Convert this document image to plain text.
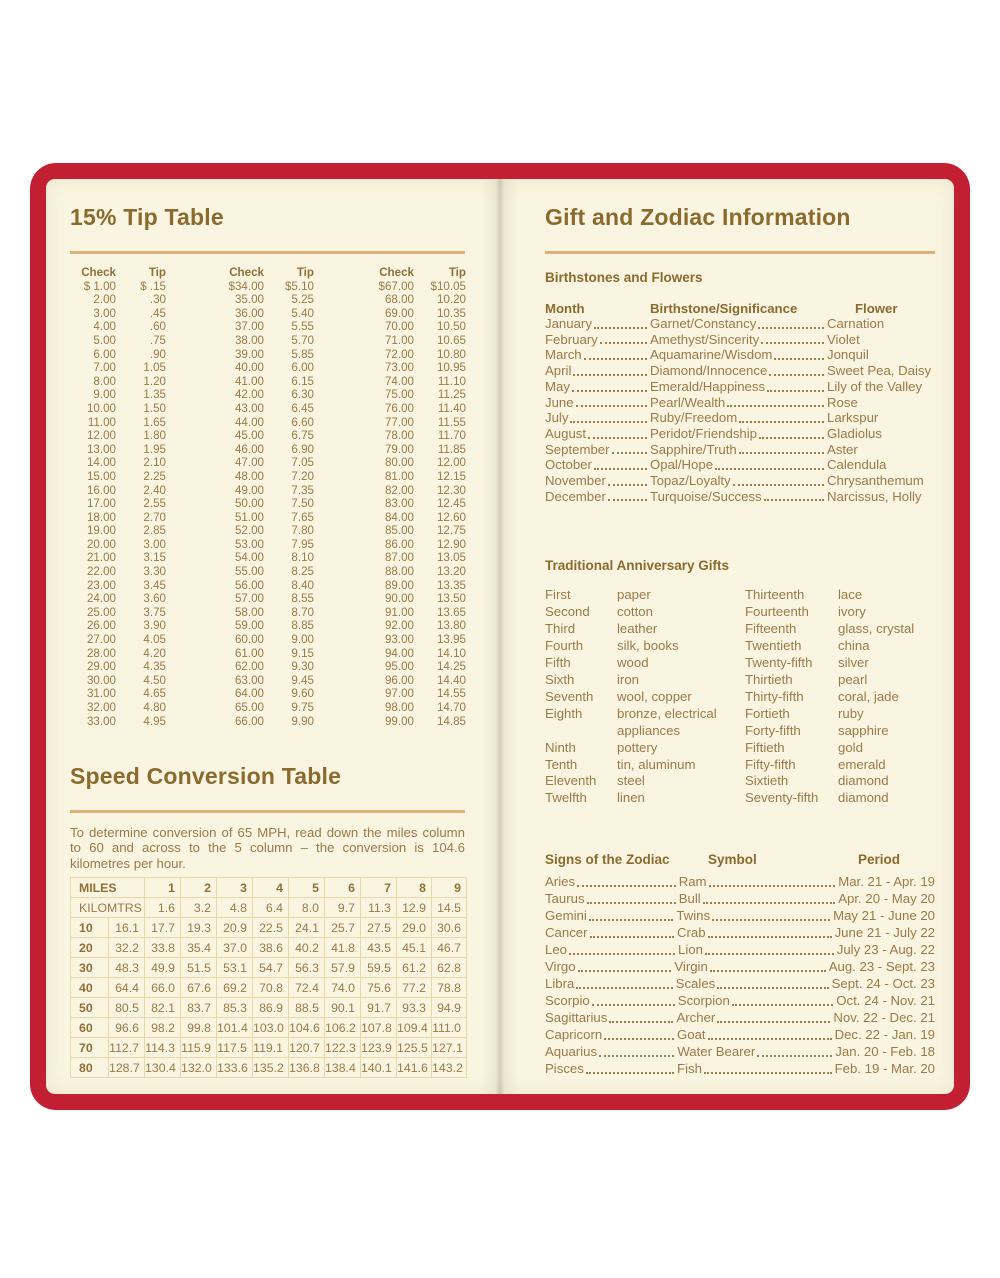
15% Tip Table
Check	Tip	Check	Tip	Check	Tip
$ 1.00	$ .15	$34.00	$5.10	$67.00	$10.05
2.00	.30	35.00	5.25	68.00	10.20
3.00	.45	36.00	5.40	69.00	10.35
4.00	.60	37.00	5.55	70.00	10.50
5.00	.75	38.00	5.70	71.00	10.65
6.00	.90	39.00	5.85	72.00	10.80
7.00	1.05	40.00	6.00	73.00	10.95
8.00	1.20	41.00	6.15	74.00	11.10
9.00	1.35	42.00	6.30	75.00	11.25
10.00	1.50	43.00	6.45	76.00	11.40
11.00	1.65	44.00	6.60	77.00	11.55
12.00	1.80	45.00	6.75	78.00	11.70
13.00	1.95	46.00	6.90	79.00	11.85
14.00	2.10	47.00	7.05	80.00	12.00
15.00	2.25	48.00	7.20	81.00	12.15
16.00	2.40	49.00	7.35	82.00	12.30
17.00	2.55	50.00	7.50	83.00	12.45
18.00	2.70	51.00	7.65	84.00	12.60
19.00	2.85	52.00	7.80	85.00	12.75
20.00	3.00	53.00	7.95	86.00	12.90
21.00	3.15	54.00	8.10	87.00	13.05
22.00	3.30	55.00	8.25	88.00	13.20
23.00	3.45	56.00	8.40	89.00	13.35
24.00	3.60	57.00	8.55	90.00	13.50
25.00	3.75	58.00	8.70	91.00	13.65
26.00	3.90	59.00	8.85	92.00	13.80
27.00	4.05	60.00	9.00	93.00	13.95
28.00	4.20	61.00	9.15	94.00	14.10
29.00	4.35	62.00	9.30	95.00	14.25
30.00	4.50	63.00	9.45	96.00	14.40
31.00	4.65	64.00	9.60	97.00	14.55
32.00	4.80	65.00	9.75	98.00	14.70
33.00	4.95	66.00	9.90	99.00	14.85
Speed Conversion Table

To determine conversion of 65 MPH, read down the miles column to 60 and across to the 5 column – the conversion is 104.6 kilometres per hour.

MILES		1	2	3	4	5	6	7	8	9
KILOMTRS		1.6	3.2	4.8	6.4	8.0	9.7	11.3	12.9	14.5
10	16.1	17.7	19.3	20.9	22.5	24.1	25.7	27.5	29.0	30.6
20	32.2	33.8	35.4	37.0	38.6	40.2	41.8	43.5	45.1	46.7
30	48.3	49.9	51.5	53.1	54.7	56.3	57.9	59.5	61.2	62.8
40	64.4	66.0	67.6	69.2	70.8	72.4	74.0	75.6	77.2	78.8
50	80.5	82.1	83.7	85.3	86.9	88.5	90.1	91.7	93.3	94.9
60	96.6	98.2	99.8	101.4	103.0	104.6	106.2	107.8	109.4	111.0
70	112.7	114.3	115.9	117.5	119.1	120.7	122.3	123.9	125.5	127.1
80	128.7	130.4	132.0	133.6	135.2	136.8	138.4	140.1	141.6	143.2
Gift and Zodiac Information
Birthstones and Flowers
Month	Birthstone/Significance	Flower
January	Garnet/Constancy	Carnation
February	Amethyst/Sincerity	Violet
March	Aquamarine/Wisdom	Jonquil
April	Diamond/Innocence	Sweet Pea, Daisy
May	Emerald/Happiness	Lily of the Valley
June	Pearl/Wealth	Rose
July	Ruby/Freedom	Larkspur
August	Peridot/Friendship	Gladiolus
September	Sapphire/Truth	Aster
October	Opal/Hope	Calendula
November	Topaz/Loyalty	Chrysanthemum
December	Turquoise/Success	Narcissus, Holly
Traditional Anniversary Gifts
First	paper	Thirteenth	lace
Second	cotton	Fourteenth	ivory
Third	leather	Fifteenth	glass, crystal
Fourth	silk, books	Twentieth	china
Fifth	wood	Twenty-fifth	silver
Sixth	iron	Thirtieth	pearl
Seventh	wool, copper	Thirty-fifth	coral, jade
Eighth	bronze, electrical	Fortieth	ruby
appliances	Forty-fifth	sapphire
Ninth	pottery	Fiftieth	gold
Tenth	tin, aluminum	Fifty-fifth	emerald
Eleventh	steel	Sixtieth	diamond
Twelfth	linen	Seventy-fifth	diamond
Signs of the Zodiac	Symbol	Period
Aries	Ram	Mar. 21 - Apr. 19
Taurus	Bull	Apr. 20 - May 20
Gemini	Twins	May 21 - June 20
Cancer	Crab	June 21 - July 22
Leo	Lion	July 23 - Aug. 22
Virgo	Virgin	Aug. 23 - Sept. 23
Libra	Scales	Sept. 24 - Oct. 23
Scorpio	Scorpion	Oct. 24 - Nov. 21
Sagittarius	Archer	Nov. 22 - Dec. 21
Capricorn	Goat	Dec. 22 - Jan. 19
Aquarius	Water Bearer	Jan. 20 - Feb. 18
Pisces	Fish	Feb. 19 - Mar. 20
